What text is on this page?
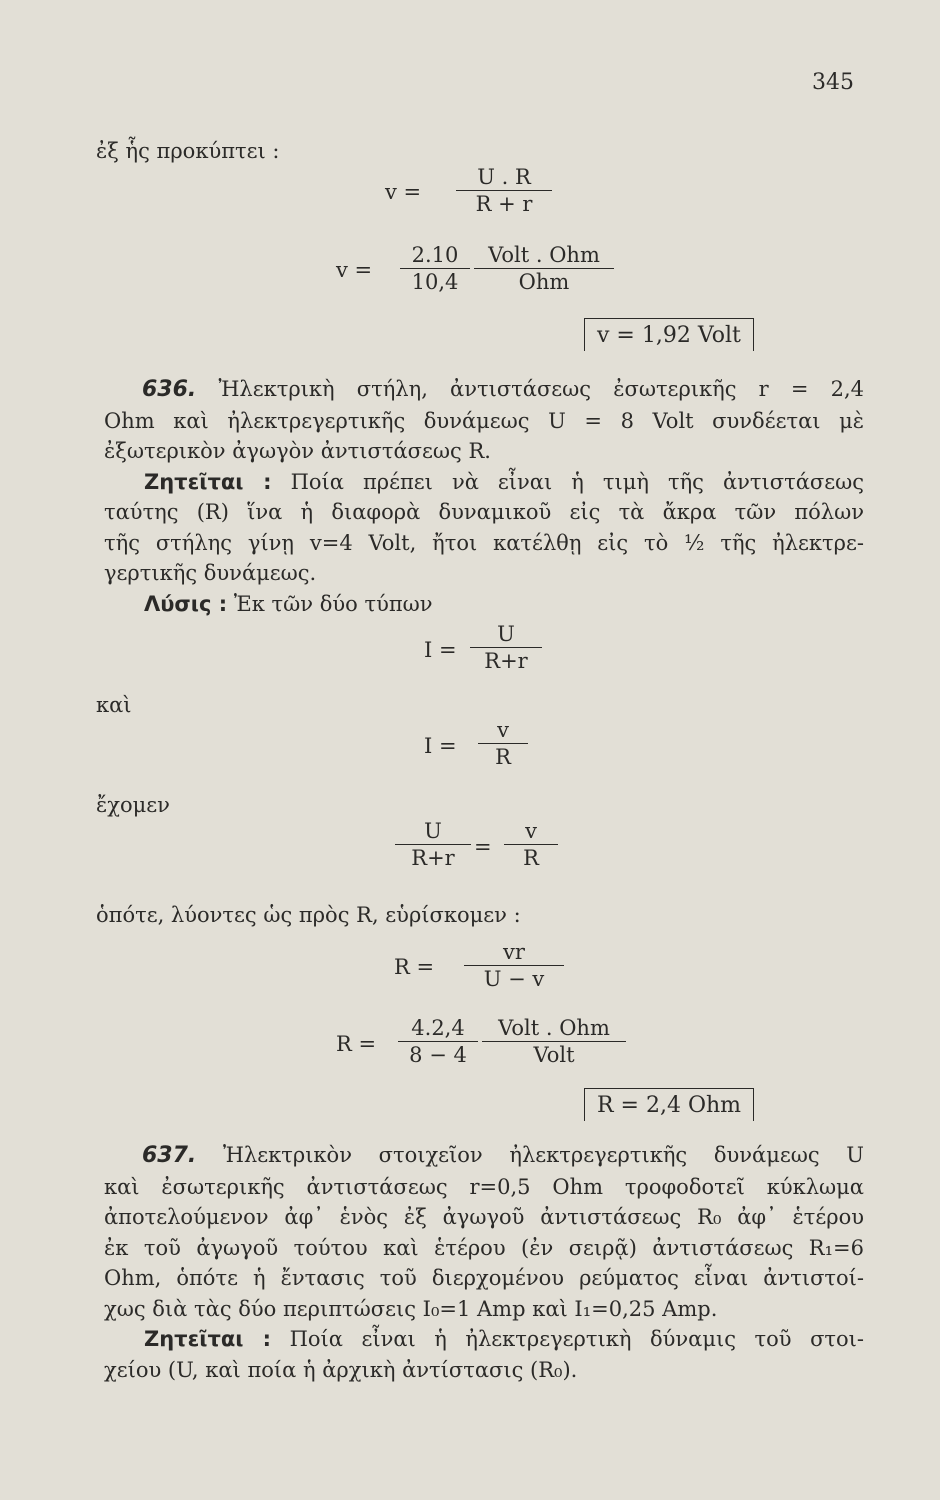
345
ἐξ ἧς προκύπτει :
$v = \frac{U . R}{R + r}$
$v = \frac{2.10}{10,4}$ Volt . Ohm
Ohm
v = 1,92 Volt
636. Ἠλεκτρικὴ στήλη, ἀντιστάσεως ἐσωτερικῆς r = 2,4
Ohm καὶ ἠλεκτρεγερτικῆς δυνάμεως U = 8 Volt συνδέεται μὲ
ἐξωτερικὸν ἀγωγὸν ἀντιστάσεως R.
Ζητεῖται : Ποία πρέπει νὰ εἶναι ἡ τιμὴ τῆς ἀντιστάσεως
ταύτης (R) ἵνα ἡ διαφορὰ δυναμικοῦ εἰς τὰ ἄκρα τῶν πόλων
τῆς στήλης γίνῃ v=4 Volt, ἤτοι κατέλθῃ εἰς τὸ ½ τῆς ἠλεκτρε-
γερτικῆς δυνάμεως.
Λύσις : Ἐκ τῶν δύο τύπων
$I = \frac{U}{R+r}$
καὶ
$I = \frac{v}{R}$
ἔχομεν
$\frac{U}{R+r} = \frac{v}{R}$
ὁπότε, λύοντες ὡς πρὸς R, εὑρίσκομεν :
$R = \frac{vr}{U - v}$
$R = \frac{4.2,4}{8 - 4}$ Volt . Ohm
Volt
R = 2,4 Ohm
637. Ἠλεκτρικὸν στοιχεῖον ἠλεκτρεγερτικῆς δυνάμεως U
καὶ ἐσωτερικῆς ἀντιστάσεως r=0,5 Ohm τροφοδοτεῖ κύκλωμα
ἀποτελούμενον ἀφ᾽ ἑνὸς ἐξ ἀγωγοῦ ἀντιστάσεως R₀ ἀφ᾽ ἑτέρου
ἐκ τοῦ ἀγωγοῦ τούτου καὶ ἑτέρου (ἐν σειρᾷ) ἀντιστάσεως R₁=6
Ohm, ὁπότε ἡ ἔντασις τοῦ διερχομένου ρεύματος εἶναι ἀντιστοί-
χως διὰ τὰς δύο περιπτώσεις I₀=1 Amp καὶ I₁=0,25 Amp.
Ζητεῖται : Ποία εἶναι ἡ ἠλεκτρεγερτικὴ δύναμις τοῦ στοι-
χείου (U, καὶ ποία ἡ ἀρχικὴ ἀντίστασις (R₀).
